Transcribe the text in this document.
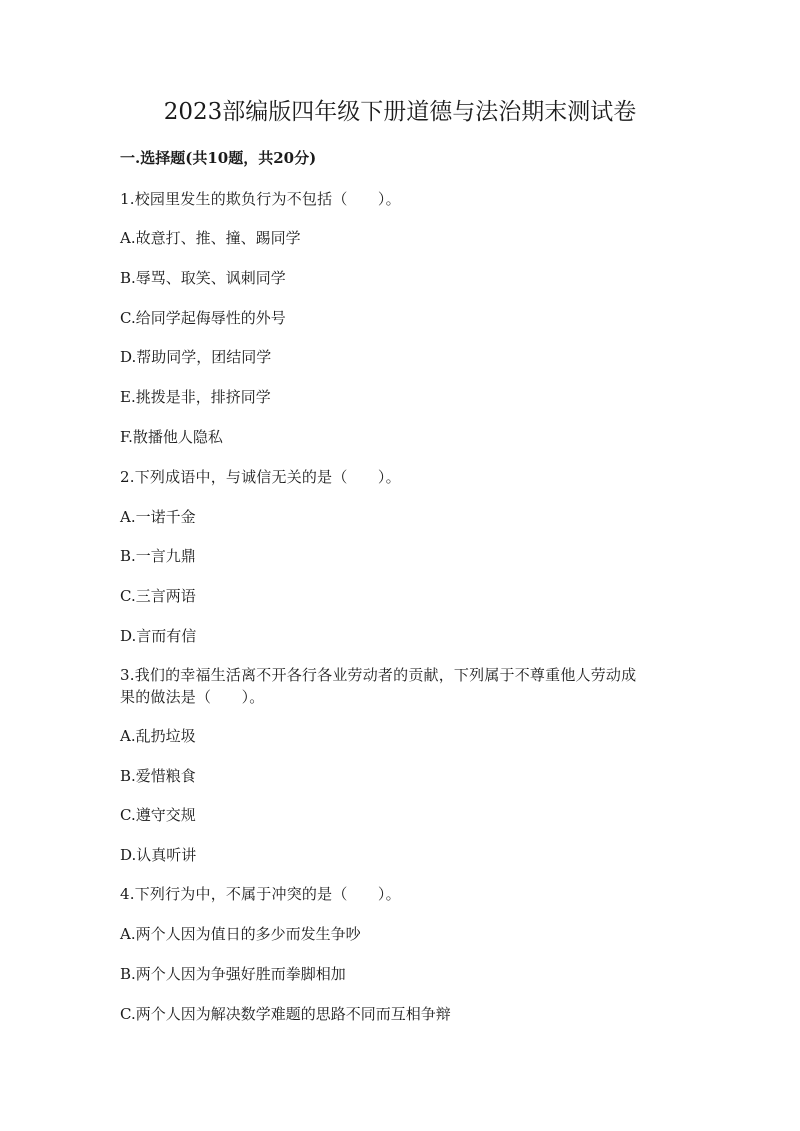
2023部编版四年级下册道德与法治期末测试卷
一.选择题(共10题，共20分)

1.校园里发生的欺负行为不包括（　　）。

A.故意打、推、撞、踢同学

B.辱骂、取笑、讽刺同学

C.给同学起侮辱性的外号

D.帮助同学，团结同学

E.挑拨是非，排挤同学

F.散播他人隐私

2.下列成语中，与诚信无关的是（　　）。

A.一诺千金

B.一言九鼎

C.三言两语

D.言而有信

3.我们的幸福生活离不开各行各业劳动者的贡献，下列属于不尊重他人劳动成

果的做法是（　　）。

A.乱扔垃圾

B.爱惜粮食

C.遵守交规

D.认真听讲

4.下列行为中，不属于冲突的是（　　）。

A.两个人因为值日的多少而发生争吵

B.两个人因为争强好胜而拳脚相加

C.两个人因为解决数学难题的思路不同而互相争辩
